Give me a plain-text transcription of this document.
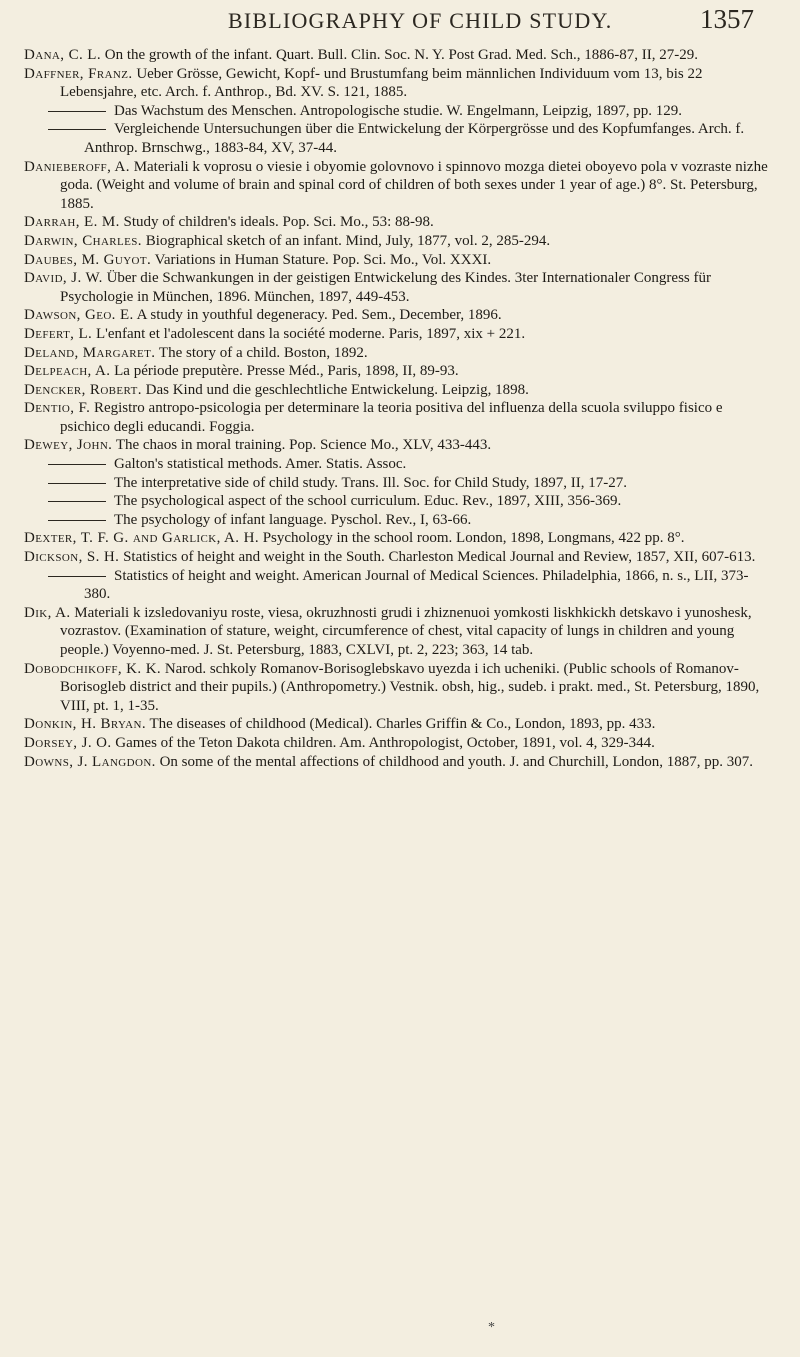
BIBLIOGRAPHY OF CHILD STUDY.	1357

Dana, C. L. On the growth of the infant. Quart. Bull. Clin. Soc. N. Y. Post Grad. Med. Sch., 1886-87, II, 27-29.

Daffner, Franz. Ueber Grösse, Gewicht, Kopf- und Brustumfang beim männlichen Individuum vom 13, bis 22 Lebensjahre, etc. Arch. f. Anthrop., Bd. XV. S. 121, 1885.

Das Wachstum des Menschen. Antropologische studie. W. Engelmann, Leipzig, 1897, pp. 129.

Vergleichende Untersuchungen über die Entwickelung der Körpergrösse und des Kopfumfanges. Arch. f. Anthrop. Brnschwg., 1883-84, XV, 37-44.

Danieberoff, A. Materiali k voprosu o viesie i obyomie golovnovo i spinnovo mozga dietei oboyevo pola v vozraste nizhe goda. (Weight and volume of brain and spinal cord of children of both sexes under 1 year of age.) 8°. St. Petersburg, 1885.

Darrah, E. M. Study of children's ideals. Pop. Sci. Mo., 53: 88-98.

Darwin, Charles. Biographical sketch of an infant. Mind, July, 1877, vol. 2, 285-294.

Daubes, M. Guyot. Variations in Human Stature. Pop. Sci. Mo., Vol. XXXI.

David, J. W. Über die Schwankungen in der geistigen Entwickelung des Kindes. 3ter Internationaler Congress für Psychologie in München, 1896. München, 1897, 449-453.

Dawson, Geo. E. A study in youthful degeneracy. Ped. Sem., December, 1896.

Defert, L. L'enfant et l'adolescent dans la société moderne. Paris, 1897, xix + 221.

Deland, Margaret. The story of a child. Boston, 1892.

Delpeach, A. La période preputère. Presse Méd., Paris, 1898, II, 89-93.

Dencker, Robert. Das Kind und die geschlechtliche Entwickelung. Leipzig, 1898.

Dentio, F. Registro antropo-psicologia per determinare la teoria positiva del influenza della scuola sviluppo fisico e psichico degli educandi. Foggia.

Dewey, John. The chaos in moral training. Pop. Science Mo., XLV, 433-443.

Galton's statistical methods. Amer. Statis. Assoc.

The interpretative side of child study. Trans. Ill. Soc. for Child Study, 1897, II, 17-27.

The psychological aspect of the school curriculum. Educ. Rev., 1897, XIII, 356-369.

The psychology of infant language. Pyschol. Rev., I, 63-66.

Dexter, T. F. G. and Garlick, A. H. Psychology in the school room. London, 1898, Longmans, 422 pp. 8°.

Dickson, S. H. Statistics of height and weight in the South. Charleston Medical Journal and Review, 1857, XII, 607-613.

Statistics of height and weight. American Journal of Medical Sciences. Philadelphia, 1866, n. s., LII, 373-380.

Dik, A. Materiali k izsledovaniyu roste, viesa, okruzhnosti grudi i zhiznenuoi yomkosti liskhkickh detskavo i yunoshesk, vozrastov. (Examination of stature, weight, circumference of chest, vital capacity of lungs in children and young people.) Voyenno-med. J. St. Petersburg, 1883, CXLVI, pt. 2, 223; 363, 14 tab.

Dobodchikoff, K. K. Narod. schkoly Romanov-Borisoglebskavo uyezda i ich ucheniki. (Public schools of Romanov-Borisogleb district and their pupils.) (Anthropometry.) Vestnik. obsh, hig., sudeb. i prakt. med., St. Petersburg, 1890, VIII, pt. 1, 1-35.

Donkin, H. Bryan. The diseases of childhood (Medical). Charles Griffin & Co., London, 1893, pp. 433.

Dorsey, J. O. Games of the Teton Dakota children. Am. Anthropologist, October, 1891, vol. 4, 329-344.

Downs, J. Langdon. On some of the mental affections of childhood and youth. J. and Churchill, London, 1887, pp. 307.

*
